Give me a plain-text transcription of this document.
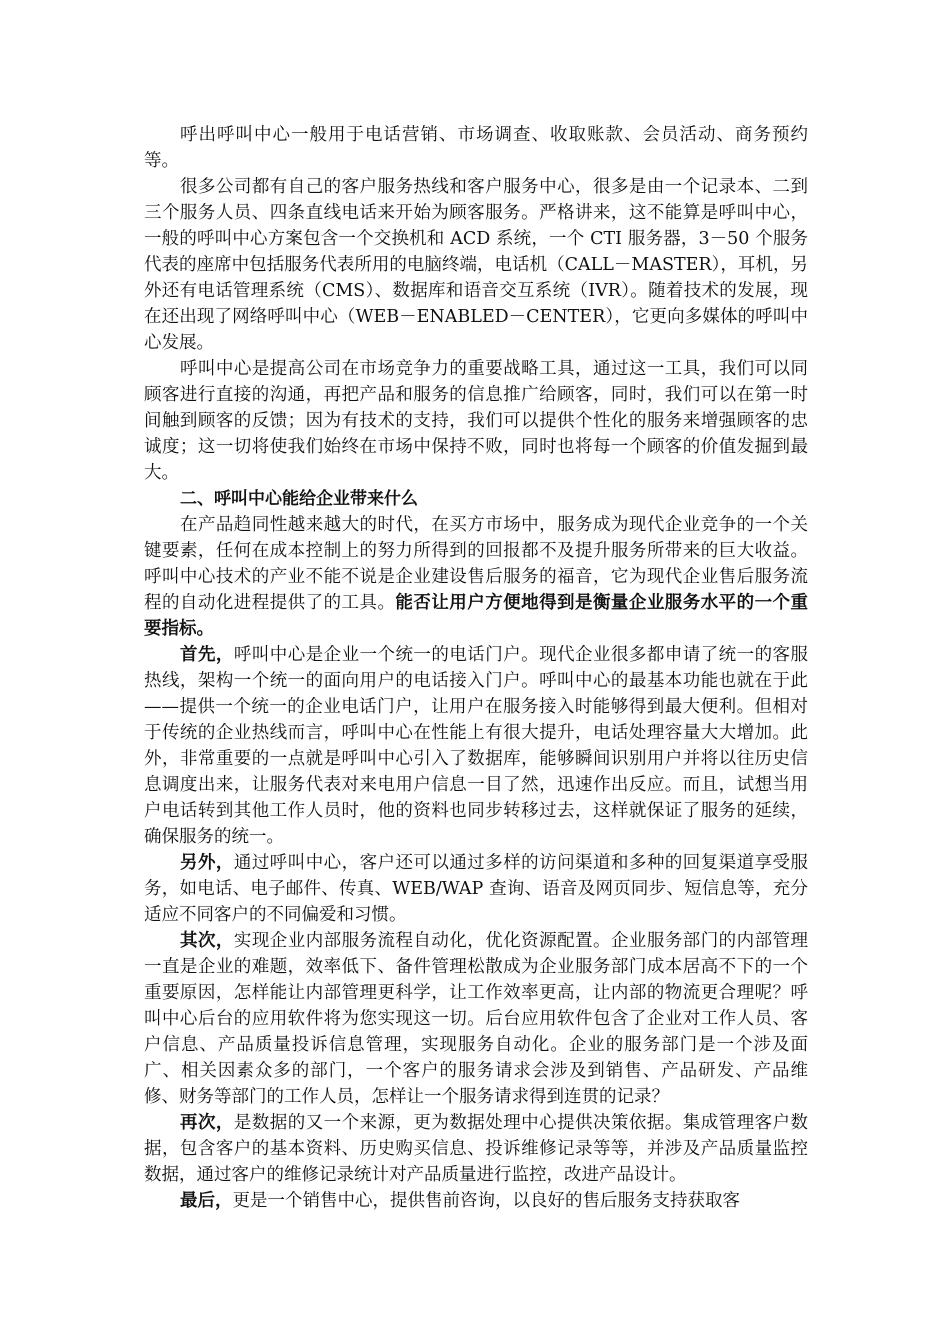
呼出呼叫中心一般用于电话营销、市场调查、收取账款、会员活动、商务预约等。

很多公司都有自己的客户服务热线和客户服务中心，很多是由一个记录本、二到三个服务人员、四条直线电话来开始为顾客服务。严格讲来，这不能算是呼叫中心，一般的呼叫中心方案包含一个交换机和 ACD 系统，一个 CTI 服务器，3－50 个服务代表的座席中包括服务代表所用的电脑终端，电话机（CALL－MASTER），耳机，另外还有电话管理系统（CMS）、数据库和语音交互系统（IVR）。随着技术的发展，现在还出现了网络呼叫中心（WEB－ENABLED－CENTER），它更向多媒体的呼叫中心发展。

呼叫中心是提高公司在市场竞争力的重要战略工具，通过这一工具，我们可以同顾客进行直接的沟通，再把产品和服务的信息推广给顾客，同时，我们可以在第一时间触到顾客的反馈；因为有技术的支持，我们可以提供个性化的服务来增强顾客的忠诚度；这一切将使我们始终在市场中保持不败，同时也将每一个顾客的价值发掘到最大。

二、呼叫中心能给企业带来什么

在产品趋同性越来越大的时代，在买方市场中，服务成为现代企业竞争的一个关键要素，任何在成本控制上的努力所得到的回报都不及提升服务所带来的巨大收益。呼叫中心技术的产业不能不说是企业建设售后服务的福音，它为现代企业售后服务流程的自动化进程提供了的工具。能否让用户方便地得到是衡量企业服务水平的一个重要指标。

首先，呼叫中心是企业一个统一的电话门户。现代企业很多都申请了统一的客服热线，架构一个统一的面向用户的电话接入门户。呼叫中心的最基本功能也就在于此——提供一个统一的企业电话门户，让用户在服务接入时能够得到最大便利。但相对于传统的企业热线而言，呼叫中心在性能上有很大提升，电话处理容量大大增加。此外，非常重要的一点就是呼叫中心引入了数据库，能够瞬间识别用户并将以往历史信息调度出来，让服务代表对来电用户信息一目了然，迅速作出反应。而且，试想当用户电话转到其他工作人员时，他的资料也同步转移过去，这样就保证了服务的延续，确保服务的统一。

另外，通过呼叫中心，客户还可以通过多样的访问渠道和多种的回复渠道享受服务，如电话、电子邮件、传真、WEB/WAP 查询、语音及网页同步、短信息等，充分适应不同客户的不同偏爱和习惯。

其次，实现企业内部服务流程自动化，优化资源配置。企业服务部门的内部管理一直是企业的难题，效率低下、备件管理松散成为企业服务部门成本居高不下的一个重要原因，怎样能让内部管理更科学，让工作效率更高，让内部的物流更合理呢？呼叫中心后台的应用软件将为您实现这一切。后台应用软件包含了企业对工作人员、客户信息、产品质量投诉信息管理，实现服务自动化。企业的服务部门是一个涉及面广、相关因素众多的部门，一个客户的服务请求会涉及到销售、产品研发、产品维修、财务等部门的工作人员，怎样让一个服务请求得到连贯的记录？

再次，是数据的又一个来源，更为数据处理中心提供决策依据。集成管理客户数据，包含客户的基本资料、历史购买信息、投诉维修记录等等，并涉及产品质量监控数据，通过客户的维修记录统计对产品质量进行监控，改进产品设计。

最后，更是一个销售中心，提供售前咨询，以良好的售后服务支持获取客
